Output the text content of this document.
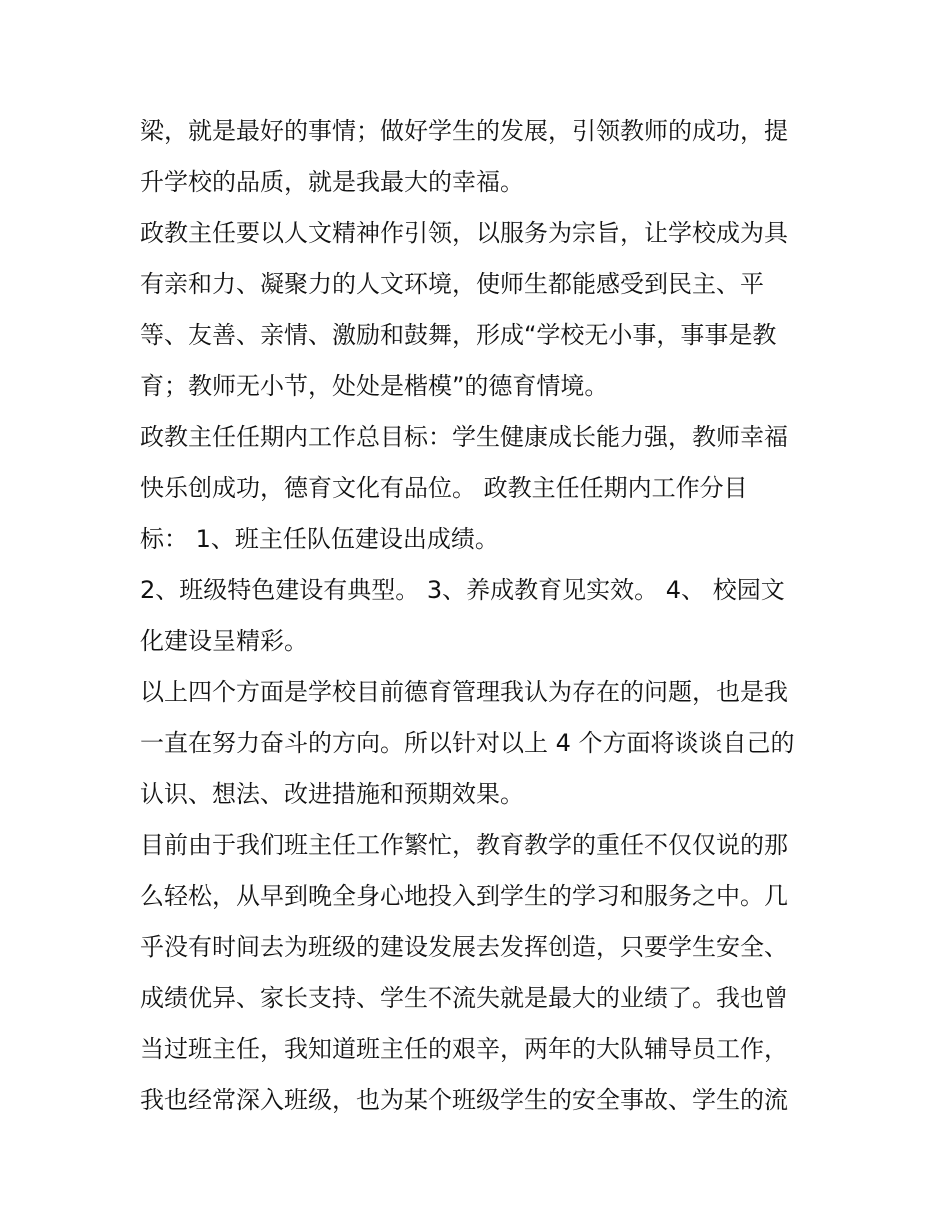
梁，就是最好的事情；做好学生的发展，引领教师的成功，提
升学校的品质，就是我最大的幸福。
政教主任要以人文精神作引领，以服务为宗旨，让学校成为具
有亲和力、凝聚力的人文环境，使师生都能感受到民主、平
等、友善、亲情、激励和鼓舞，形成“学校无小事，事事是教
育；教师无小节，处处是楷模”的德育情境。
政教主任任期内工作总目标：学生健康成长能力强，教师幸福
快乐创成功，德育文化有品位。 政教主任任期内工作分目
标： 1、班主任队伍建设出成绩。
2、班级特色建设有典型。 3、养成教育见实效。 4、 校园文
化建设呈精彩。
以上四个方面是学校目前德育管理我认为存在的问题，也是我
一直在努力奋斗的方向。所以针对以上 4 个方面将谈谈自己的
认识、想法、改进措施和预期效果。
目前由于我们班主任工作繁忙，教育教学的重任不仅仅说的那
么轻松，从早到晚全身心地投入到学生的学习和服务之中。几
乎没有时间去为班级的建设发展去发挥创造，只要学生安全、
成绩优异、家长支持、学生不流失就是最大的业绩了。我也曾
当过班主任，我知道班主任的艰辛，两年的大队辅导员工作，
我也经常深入班级，也为某个班级学生的安全事故、学生的流
